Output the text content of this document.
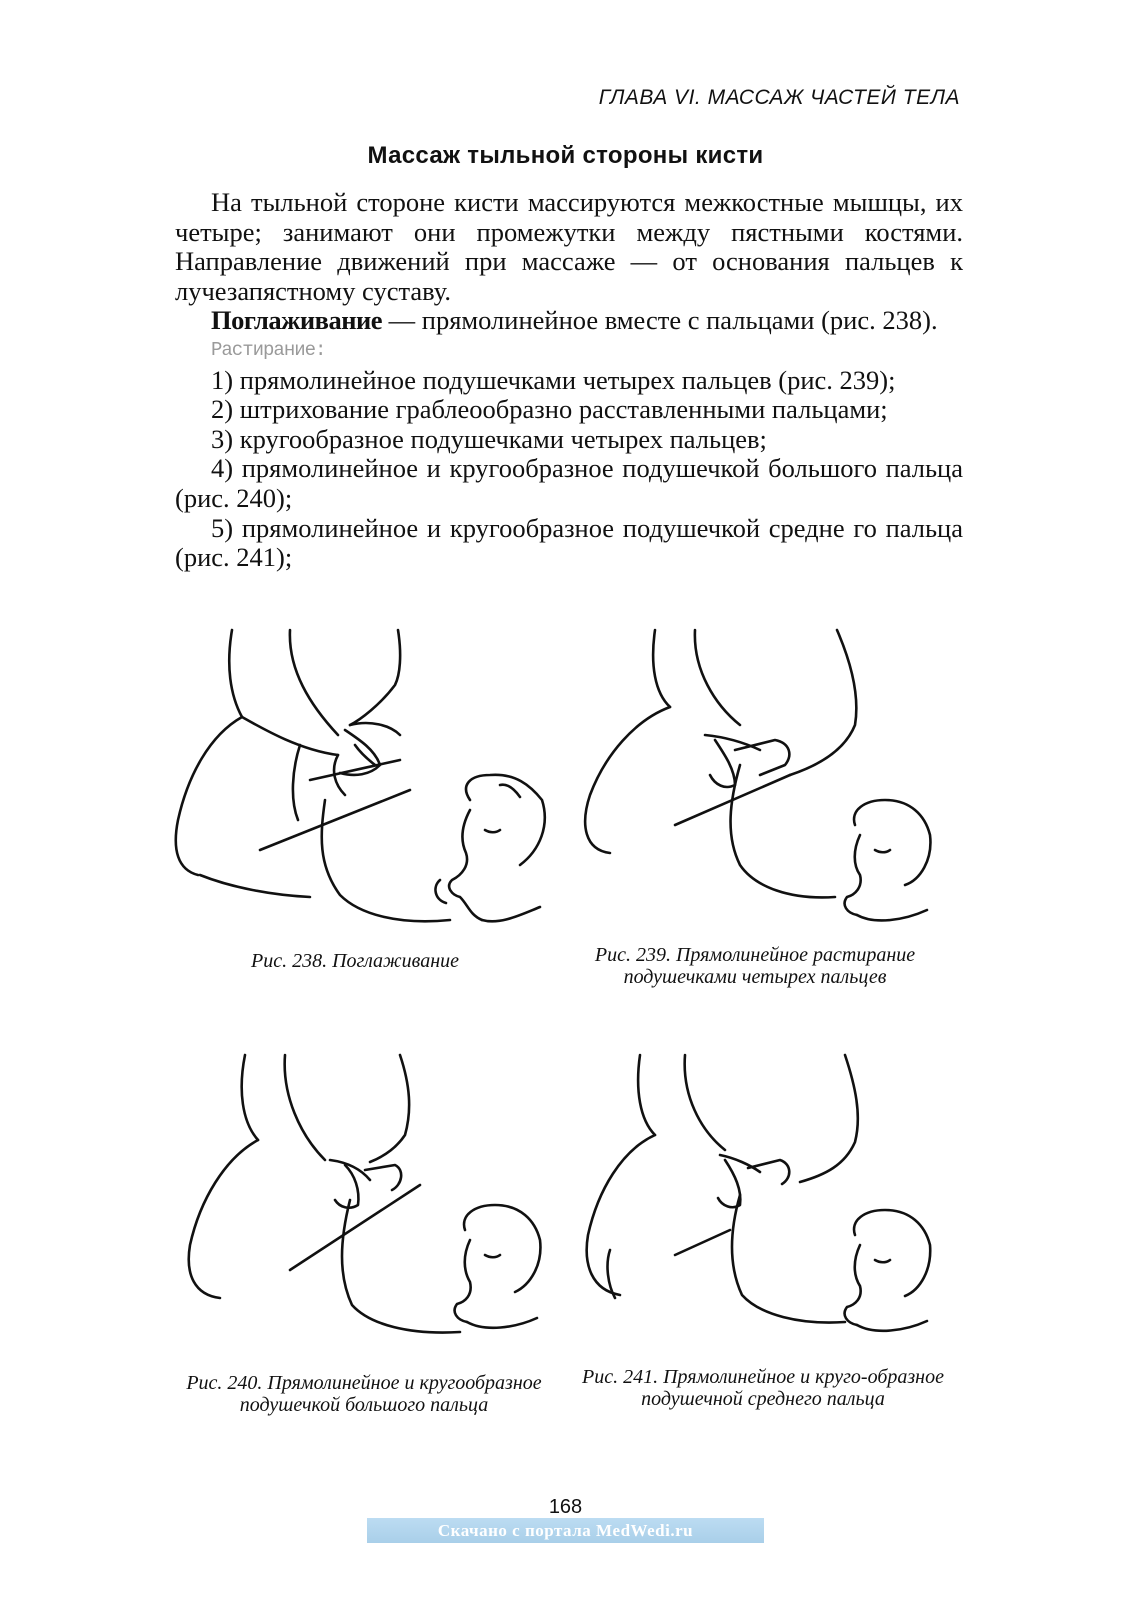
ГЛАВА VI. МАССАЖ ЧАСТЕЙ ТЕЛА
Массаж тыльной стороны кисти

На тыльной стороне кисти массируются межкостные мышцы, их четыре; занимают они промежутки между пястными костями. Направление движений при массаже — от основания пальцев к лучезапястному суставу.

Поглаживание — прямолинейное вместе с пальцами (рис. 238).

Растирание:

1) прямолинейное подушечками четырех пальцев (рис. 239);

2) штрихование граблеообразно расставленными пальцами;

3) кругообразное подушечками четырех пальцев;

4) прямолинейное и кругообразное подушечкой большого пальца (рис. 240);

5) прямолинейное и кругообразное подушечкой средне го пальца (рис. 241);

Рис. 238. Поглаживание	Рис. 239. Прямолинейное растирание подушечками четырех пальцев
Рис. 240. Прямолинейное и кругообразное подушечкой большого пальца
Рис. 241. Прямолинейное и круго-образное подушечной среднего пальца
168
Скачано с портала MedWedi.ru
